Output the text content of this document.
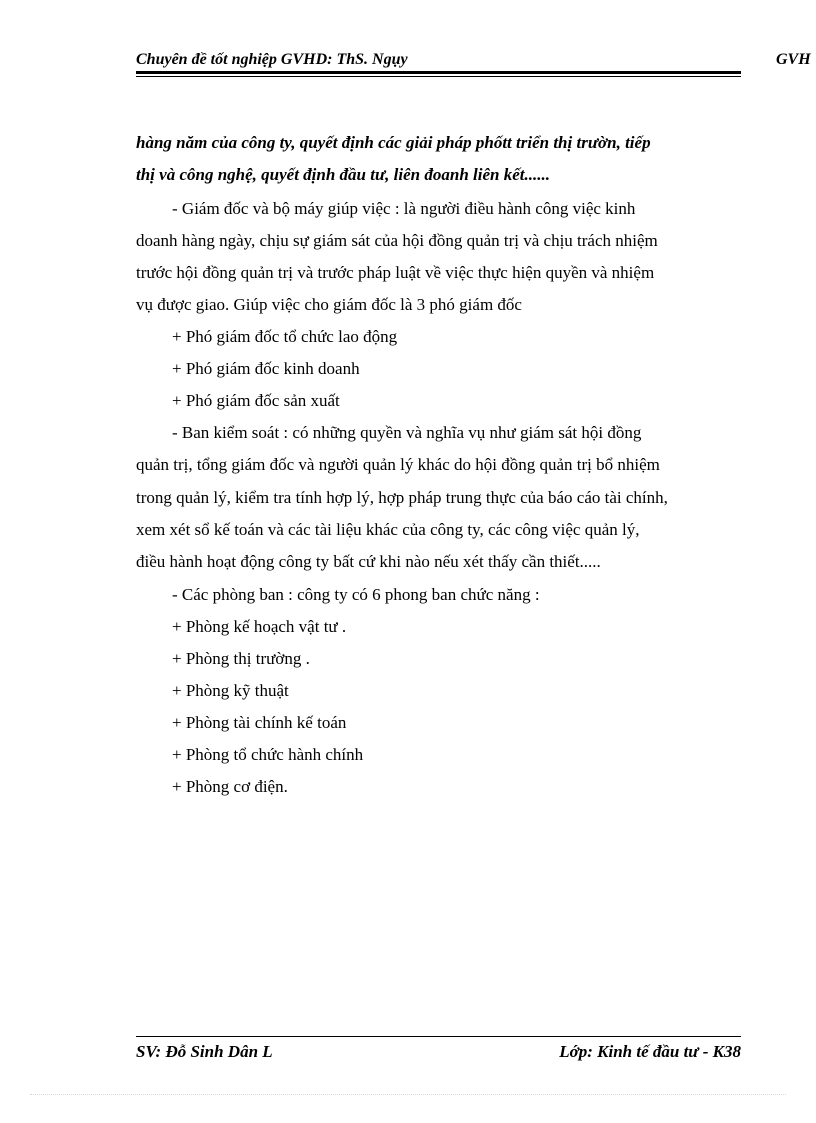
Chuyên đề tốt nghiệp GVHD: ThS. Ngụy	GVH
hàng năm của công ty, quyết định các giải pháp phốtt triển thị trườn, tiếp
thị và công nghệ, quyết định đầu tư, liên đoanh liên kết......
- Giám đốc và bộ máy giúp việc : là người điều hành công việc kinh
doanh hàng ngày, chịu sự giám sát của hội đồng quản trị và chịu trách nhiệm
trước hội đồng quản trị và trước pháp luật về việc thực hiện quyền và nhiệm
vụ được giao. Giúp việc cho giám đốc là 3 phó giám đốc
+ Phó giám đốc tổ chức lao động
+ Phó giám đốc kinh doanh
+ Phó giám đốc sản xuất
- Ban kiểm soát : có những quyền và nghĩa vụ như giám sát hội đồng
quản trị, tổng giám đốc và người quản lý khác do hội đồng quản trị bổ nhiệm
trong quản lý, kiểm tra tính hợp lý, hợp pháp trung thực của báo cáo tài chính,
xem xét sổ kế toán và các tài liệu khác của công ty, các công việc quản lý,
điều hành hoạt động công ty bất cứ khi nào nếu xét thấy cần thiết.....
- Các phòng ban : công ty có 6 phong ban chức năng :
+ Phòng kế hoạch vật tư .
+ Phòng thị trường .
+ Phòng kỹ thuật
+ Phòng tài chính kế toán
+ Phòng tổ chức hành chính
+ Phòng cơ điện.
SV: Đỗ Sinh Dân L	Lớp: Kinh tế đầu tư - K38
